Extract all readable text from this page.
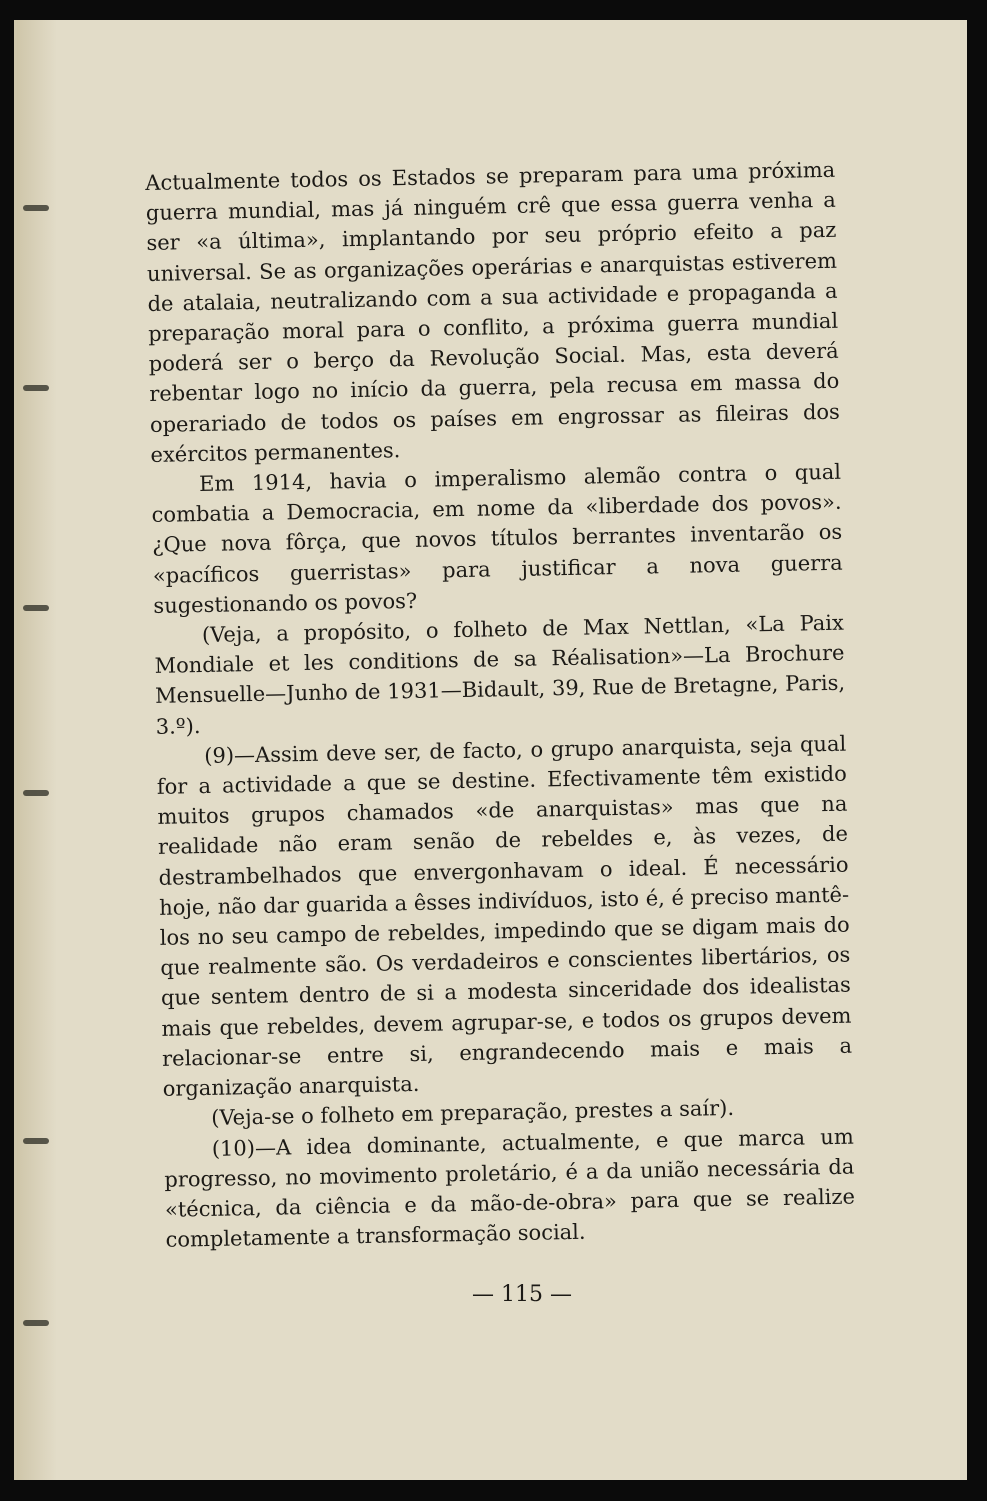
Actualmente todos os Estados se preparam para uma próxima guerra mundial, mas já ninguém crê que essa guerra venha a ser «a última», implantando por seu próprio efeito a paz universal. Se as organizações operárias e anarquistas estiverem de atalaia, neutralizando com a sua actividade e propaganda a preparação moral para o conflito, a próxima guerra mundial poderá ser o berço da Revolução Social. Mas, esta deverá rebentar logo no início da guerra, pela recusa em massa do operariado de todos os países em engrossar as fileiras dos exércitos permanentes.

Em 1914, havia o imperalismo alemão contra o qual combatia a Democracia, em nome da «liberdade dos povos». ¿Que nova fôrça, que novos títulos berrantes inventarão os «pacíficos guerristas» para justificar a nova guerra sugestionando os povos?

(Veja, a propósito, o folheto de Max Nettlan, «La Paix Mondiale et les conditions de sa Réalisation»—La Brochure Mensuelle—Junho de 1931—Bidault, 39, Rue de Bretagne, Paris, 3.º).

(9)—Assim deve ser, de facto, o grupo anarquista, seja qual for a actividade a que se destine. Efectivamente têm existido muitos grupos chamados «de anarquistas» mas que na realidade não eram senão de rebeldes e, às vezes, de destrambelhados que envergonhavam o ideal. É necessário hoje, não dar guarida a êsses indivíduos, isto é, é preciso mantê-los no seu campo de rebeldes, impedindo que se digam mais do que realmente são. Os verdadeiros e conscientes libertários, os que sentem dentro de si a modesta sinceridade dos idealistas mais que rebeldes, devem agrupar-se, e todos os grupos devem relacionar-se entre si, engrandecendo mais e mais a organização anarquista.

(Veja-se o folheto em preparação, prestes a saír).

(10)—A idea dominante, actualmente, e que marca um progresso, no movimento proletário, é a da união necessária da «técnica, da ciência e da mão-de-obra» para que se realize completamente a transformação social.

— 115 —
